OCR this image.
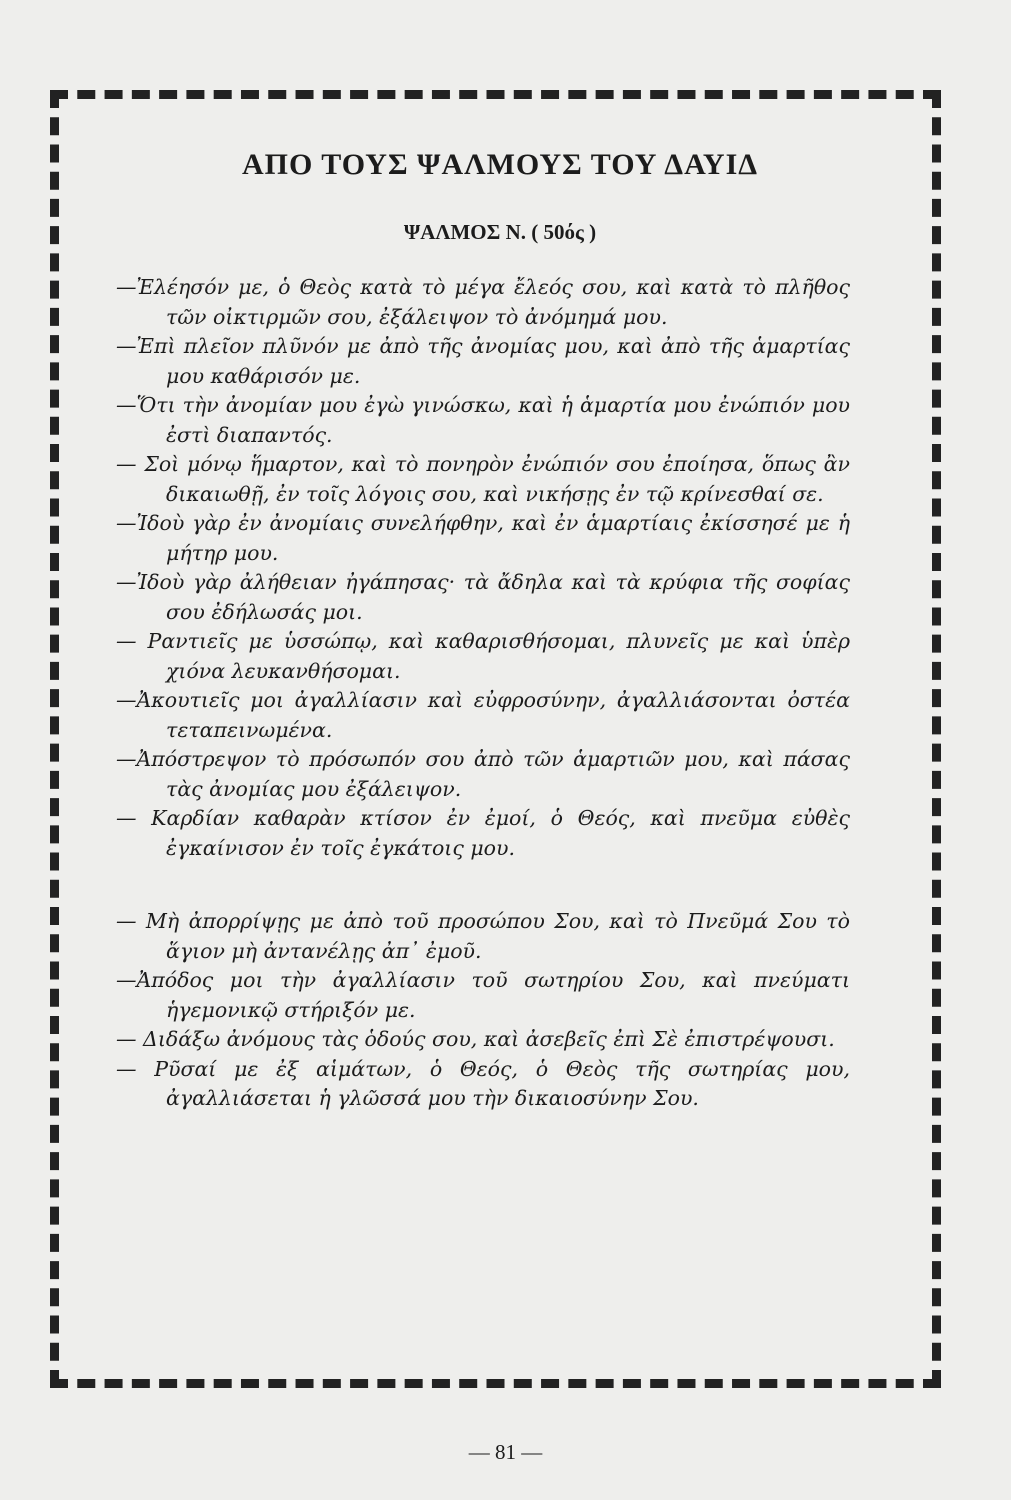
ΑΠΟ ΤΟΥΣ ΨΑΛΜΟΥΣ ΤΟΥ ΔΑΥΙΔ
ΨΑΛΜΟΣ Ν. ( 50ός )
—Ἐλέησόν με, ὁ Θεὸς κατὰ τὸ μέγα ἔλεός σου, καὶ κατὰ τὸ πλῆθος τῶν οἰκτιρμῶν σου, ἐξάλειψον τὸ ἀνόμημά μου.
—Ἐπὶ πλεῖον πλῦνόν με ἀπὸ τῆς ἀνομίας μου, καὶ ἀπὸ τῆς ἁμαρτίας μου καθάρισόν με.
—Ὅτι τὴν ἀνομίαν μου ἐγὼ γινώσκω, καὶ ἡ ἁμαρτία μου ἐνώπιόν μου ἐστὶ διαπαντός.
— Σοὶ μόνῳ ἥμαρτον, καὶ τὸ πονηρὸν ἐνώπιόν σου ἐποίησα, ὅπως ἂν δικαιωθῇ, ἐν τοῖς λόγοις σου, καὶ νικήσῃς ἐν τῷ κρίνεσθαί σε.
—Ἰδοὺ γὰρ ἐν ἀνομίαις συνελήφθην, καὶ ἐν ἁμαρτίαις ἐκίσσησέ με ἡ μήτηρ μου.
—Ἰδοὺ γὰρ ἀλήθειαν ἠγάπησας· τὰ ἄδηλα καὶ τὰ κρύφια τῆς σοφίας σου ἐδήλωσάς μοι.
— Ραντιεῖς με ὑσσώπῳ, καὶ καθαρισθήσομαι, πλυνεῖς με καὶ ὑπὲρ χιόνα λευκανθήσομαι.
—Ἀκουτιεῖς μοι ἀγαλλίασιν καὶ εὐφροσύνην, ἀγαλλιάσονται ὀστέα τεταπεινωμένα.
—Ἀπόστρεψον τὸ πρόσωπόν σου ἀπὸ τῶν ἁμαρτιῶν μου, καὶ πάσας τὰς ἀνομίας μου ἐξάλειψον.
— Καρδίαν καθαρὰν κτίσον ἐν ἐμοί, ὁ Θεός, καὶ πνεῦμα εὐθὲς ἐγκαίνισον ἐν τοῖς ἐγκάτοις μου.
— Μὴ ἀπορρίψῃς με ἀπὸ τοῦ προσώπου Σου, καὶ τὸ Πνεῦμά Σου τὸ ἅγιον μὴ ἀντανέλῃς ἀπ᾿ ἐμοῦ.
—Ἀπόδος μοι τὴν ἀγαλλίασιν τοῦ σωτηρίου Σου, καὶ πνεύματι ἡγεμονικῷ στήριξόν με.
— Διδάξω ἀνόμους τὰς ὁδούς σου, καὶ ἀσεβεῖς ἐπὶ Σὲ ἐπιστρέψουσι.
— Ρῦσαί με ἐξ αἱμάτων, ὁ Θεός, ὁ Θεὸς τῆς σωτηρίας μου, ἀγαλλιάσεται ἡ γλῶσσά μου τὴν δικαιοσύνην Σου.
— 81 —
